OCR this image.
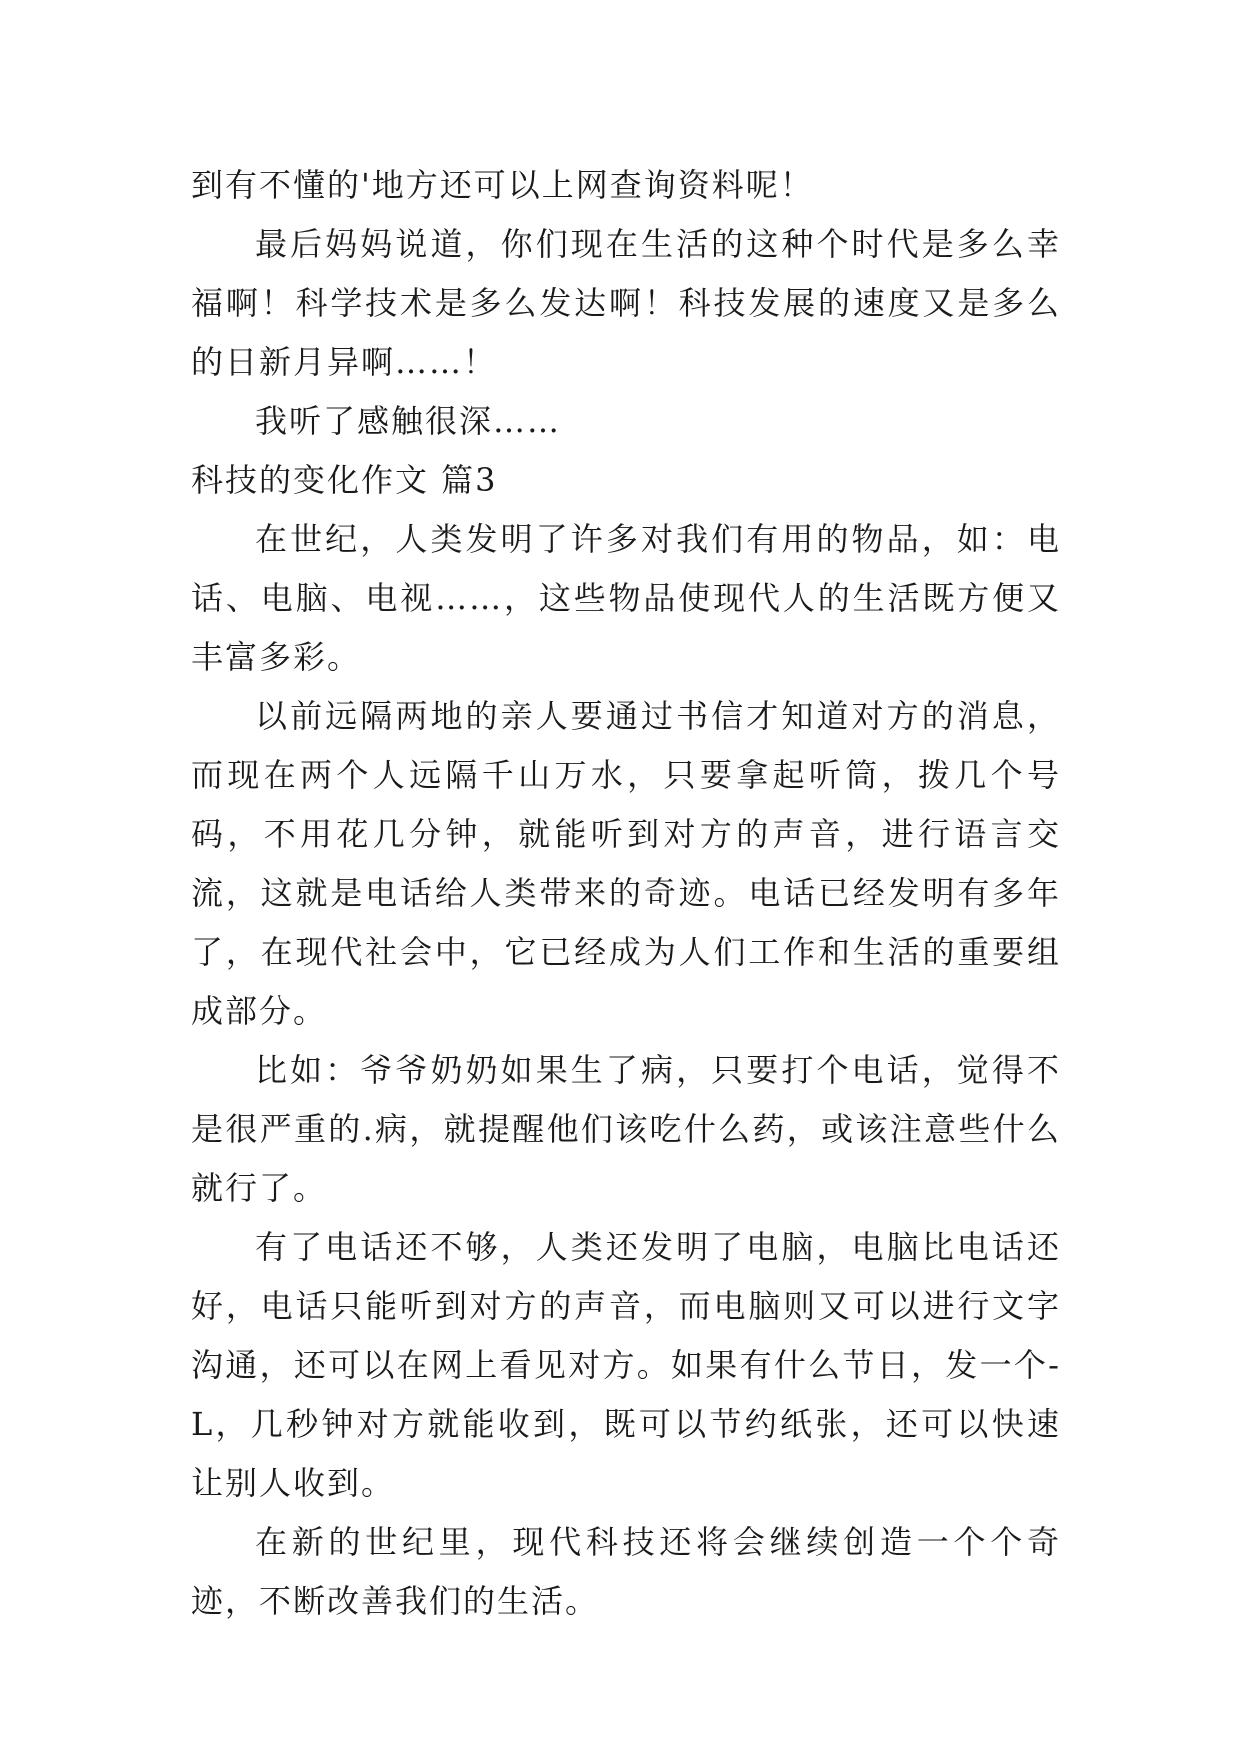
到有不懂的'地方还可以上网查询资料呢！

最后妈妈说道，你们现在生活的这种个时代是多么幸福啊！科学技术是多么发达啊！科技发展的速度又是多么的日新月异啊……！

我听了感触很深……

科技的变化作文 篇3

在世纪，人类发明了许多对我们有用的物品，如：电话、电脑、电视……，这些物品使现代人的生活既方便又丰富多彩。

以前远隔两地的亲人要通过书信才知道对方的消息，而现在两个人远隔千山万水，只要拿起听筒，拨几个号码，不用花几分钟，就能听到对方的声音，进行语言交流，这就是电话给人类带来的奇迹。电话已经发明有多年了，在现代社会中，它已经成为人们工作和生活的重要组成部分。

比如：爷爷奶奶如果生了病，只要打个电话，觉得不是很严重的.病，就提醒他们该吃什么药，或该注意些什么就行了。

有了电话还不够，人类还发明了电脑，电脑比电话还好，电话只能听到对方的声音，而电脑则又可以进行文字沟通，还可以在网上看见对方。如果有什么节日，发一个-L，几秒钟对方就能收到，既可以节约纸张，还可以快速让别人收到。

在新的世纪里，现代科技还将会继续创造一个个奇迹，不断改善我们的生活。
